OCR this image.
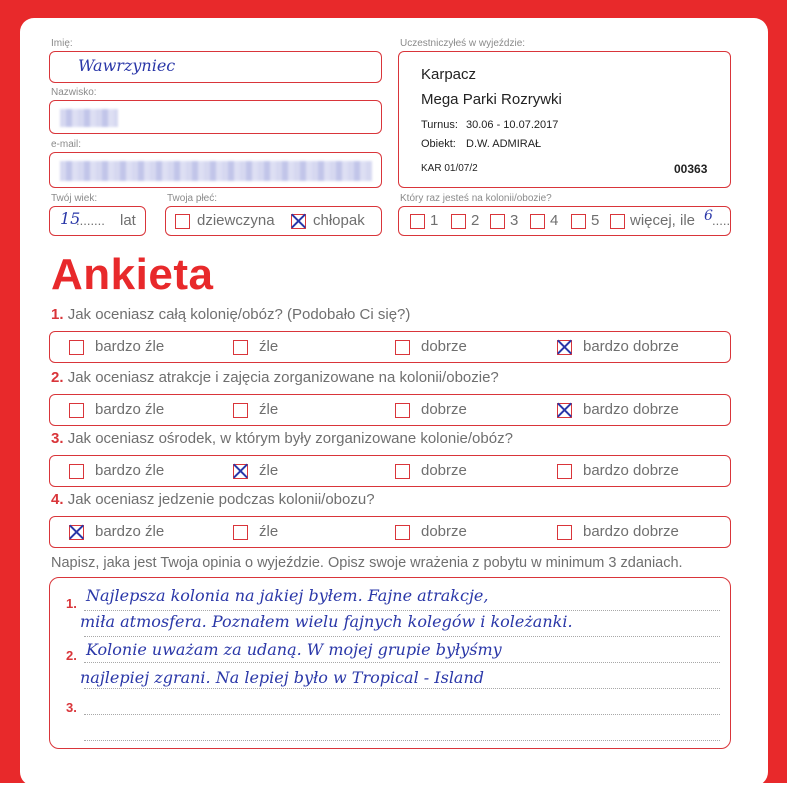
Imię:
Wawrzyniec
Nazwisko:
e-mail:
Twój wiek:
15
........ lat
Twoja płeć:
dziewczyna	chłopak
Uczestniczyłeś w wyjeździe:
Karpacz
Mega Parki Rozrywki
Turnus: 30.06 - 10.07.2017
Obiekt: D.W. ADMIRAŁ
KAR 01/07/2	00363
Który raz jesteś na kolonii/obozie?
1 2 3 4 5 więcej, ile 6 .....
Ankieta
1. Jak oceniasz całą kolonię/obóz? (Podobało Ci się?)
bardzo źle	źle	dobrze	bardzo dobrze
2. Jak oceniasz atrakcje i zajęcia zorganizowane na kolonii/obozie?
bardzo źle	źle	dobrze	bardzo dobrze
3. Jak oceniasz ośrodek, w którym były zorganizowane kolonie/obóz?
bardzo źle	źle	dobrze	bardzo dobrze
4. Jak oceniasz jedzenie podczas kolonii/obozu?
bardzo źle	źle	dobrze	bardzo dobrze
Napisz, jaka jest Twoja opinia o wyjeździe. Opisz swoje wrażenia z pobytu w minimum 3 zdaniach.
1.
2.
3.
Najlepsza kolonia na jakiej byłem. Fajne atrakcje,
miła atmosfera. Poznałem wielu fajnych kolegów i koleżanki.
Kolonie uważam za udaną. W mojej grupie byłyśmy
najlepiej zgrani. Na lepiej było w Tropical - Island
